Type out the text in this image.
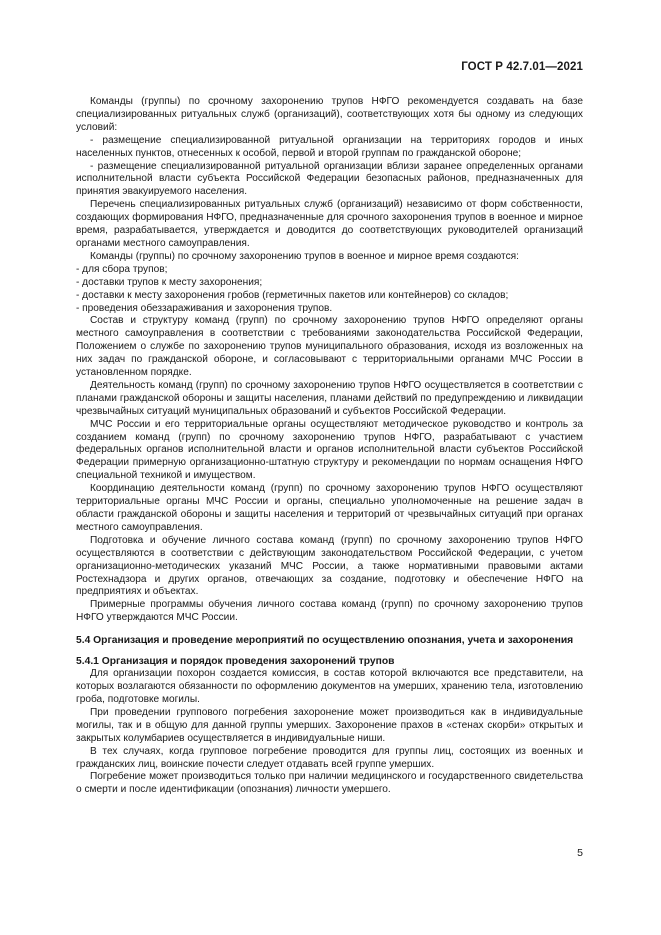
ГОСТ Р 42.7.01—2021

Команды (группы) по срочному захоронению трупов НФГО рекомендуется создавать на базе специализированных ритуальных служб (организаций), соответствующих хотя бы одному из следующих условий:

- размещение специализированной ритуальной организации на территориях городов и иных населенных пунктов, отнесенных к особой, первой и второй группам по гражданской обороне;

- размещение специализированной ритуальной организации вблизи заранее определенных органами исполнительной власти субъекта Российской Федерации безопасных районов, предназначенных для принятия эвакуируемого населения.

Перечень специализированных ритуальных служб (организаций) независимо от форм собственности, создающих формирования НФГО, предназначенные для срочного захоронения трупов в военное и мирное время, разрабатывается, утверждается и доводится до соответствующих руководителей организаций органами местного самоуправления.

Команды (группы) по срочному захоронению трупов в военное и мирное время создаются:

- для сбора трупов;

- доставки трупов к месту захоронения;

- доставки к месту захоронения гробов (герметичных пакетов или контейнеров) со складов;

- проведения обеззараживания и захоронения трупов.

Состав и структуру команд (групп) по срочному захоронению трупов НФГО определяют органы местного самоуправления в соответствии с требованиями законодательства Российской Федерации, Положением о службе по захоронению трупов муниципального образования, исходя из возложенных на них задач по гражданской обороне, и согласовывают с территориальными органами МЧС России в установленном порядке.

Деятельность команд (групп) по срочному захоронению трупов НФГО осуществляется в соответствии с планами гражданской обороны и защиты населения, планами действий по предупреждению и ликвидации чрезвычайных ситуаций муниципальных образований и субъектов Российской Федерации.

МЧС России и его территориальные органы осуществляют методическое руководство и контроль за созданием команд (групп) по срочному захоронению трупов НФГО, разрабатывают с участием федеральных органов исполнительной власти и органов исполнительной власти субъектов Российской Федерации примерную организационно-штатную структуру и рекомендации по нормам оснащения НФГО специальной техникой и имуществом.

Координацию деятельности команд (групп) по срочному захоронению трупов НФГО осуществляют территориальные органы МЧС России и органы, специально уполномоченные на решение задач в области гражданской обороны и защиты населения и территорий от чрезвычайных ситуаций при органах местного самоуправления.

Подготовка и обучение личного состава команд (групп) по срочному захоронению трупов НФГО осуществляются в соответствии с действующим законодательством Российской Федерации, с учетом организационно-методических указаний МЧС России, а также нормативными правовыми актами Ростехнадзора и других органов, отвечающих за создание, подготовку и обеспечение НФГО на предприятиях и объектах.

Примерные программы обучения личного состава команд (групп) по срочному захоронению трупов НФГО утверждаются МЧС России.

5.4 Организация и проведение мероприятий по осуществлению опознания, учета и захоронения
5.4.1 Организация и порядок проведения захоронений трупов

Для организации похорон создается комиссия, в состав которой включаются все представители, на которых возлагаются обязанности по оформлению документов на умерших, хранению тела, изготовлению гроба, подготовке могилы.

При проведении группового погребения захоронение может производиться как в индивидуальные могилы, так и в общую для данной группы умерших. Захоронение прахов в «стенах скорби» открытых и закрытых колумбариев осуществляется в индивидуальные ниши.

В тех случаях, когда групповое погребение проводится для группы лиц, состоящих из военных и гражданских лиц, воинские почести следует отдавать всей группе умерших.

Погребение может производиться только при наличии медицинского и государственного свидетельства о смерти и после идентификации (опознания) личности умершего.

5
